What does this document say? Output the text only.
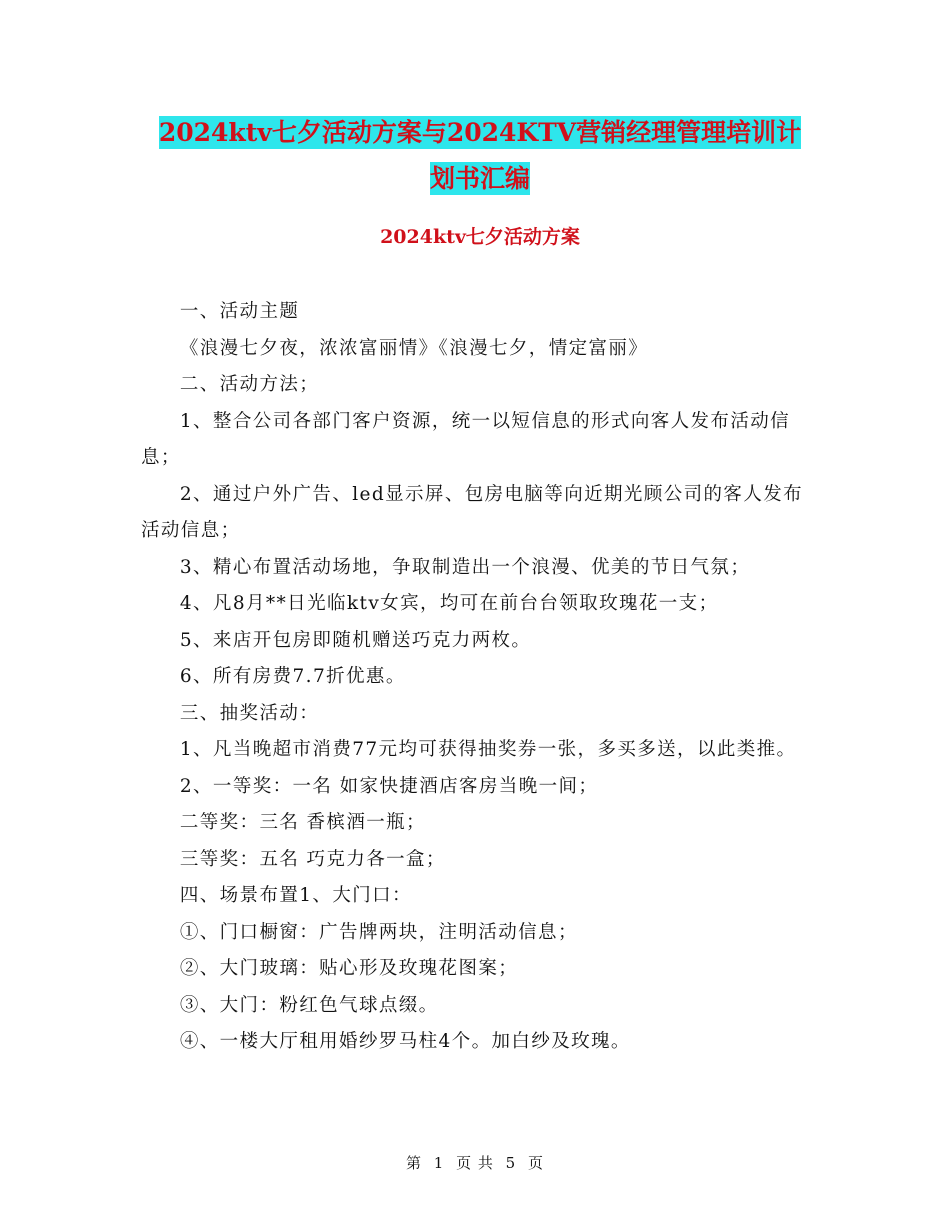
2024ktv七夕活动方案与2024KTV营销经理管理培训计
划书汇编
2024ktv七夕活动方案

一、活动主题

《浪漫七夕夜，浓浓富丽情》《浪漫七夕，情定富丽》

二、活动方法；

1、整合公司各部门客户资源，统一以短信息的形式向客人发布活动信息；

2、通过户外广告、led显示屏、包房电脑等向近期光顾公司的客人发布活动信息；

3、精心布置活动场地，争取制造出一个浪漫、优美的节日气氛；

4、凡8月**日光临ktv女宾，均可在前台台领取玫瑰花一支；

5、来店开包房即随机赠送巧克力两枚。

6、所有房费7.7折优惠。

三、抽奖活动：

1、凡当晚超市消费77元均可获得抽奖券一张，多买多送，以此类推。

2、一等奖：一名 如家快捷酒店客房当晚一间；

二等奖：三名 香槟酒一瓶；

三等奖：五名 巧克力各一盒；

四、场景布置1、大门口：

①、门口橱窗：广告牌两块，注明活动信息；

②、大门玻璃：贴心形及玫瑰花图案；

③、大门：粉红色气球点缀。

④、一楼大厅租用婚纱罗马柱4个。加白纱及玫瑰。

第 1 页 共 5 页
